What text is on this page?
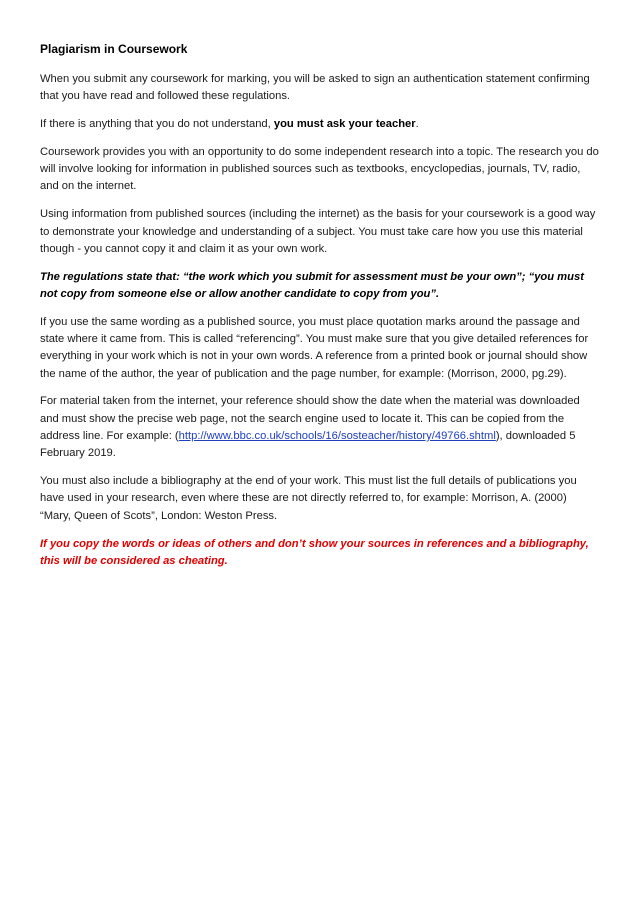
Plagiarism in Coursework

When you submit any coursework for marking, you will be asked to sign an authentication statement confirming that you have read and followed these regulations.

If there is anything that you do not understand, you must ask your teacher.

Coursework provides you with an opportunity to do some independent research into a topic. The research you do will involve looking for information in published sources such as textbooks, encyclopedias, journals, TV, radio, and on the internet.

Using information from published sources (including the internet) as the basis for your coursework is a good way to demonstrate your knowledge and understanding of a subject. You must take care how you use this material though - you cannot copy it and claim it as your own work.

The regulations state that: “the work which you submit for assessment must be your own”; “you must not copy from someone else or allow another candidate to copy from you”.

If you use the same wording as a published source, you must place quotation marks around the passage and state where it came from. This is called “referencing”. You must make sure that you give detailed references for everything in your work which is not in your own words. A reference from a printed book or journal should show the name of the author, the year of publication and the page number, for example: (Morrison, 2000, pg.29).

For material taken from the internet, your reference should show the date when the material was downloaded and must show the precise web page, not the search engine used to locate it. This can be copied from the address line. For example: (http://www.bbc.co.uk/schools/16/sosteacher/history/49766.shtml), downloaded 5 February 2019.

You must also include a bibliography at the end of your work. This must list the full details of publications you have used in your research, even where these are not directly referred to, for example: Morrison, A. (2000) “Mary, Queen of Scots”, London: Weston Press.

If you copy the words or ideas of others and don’t show your sources in references and a bibliography, this will be considered as cheating.
